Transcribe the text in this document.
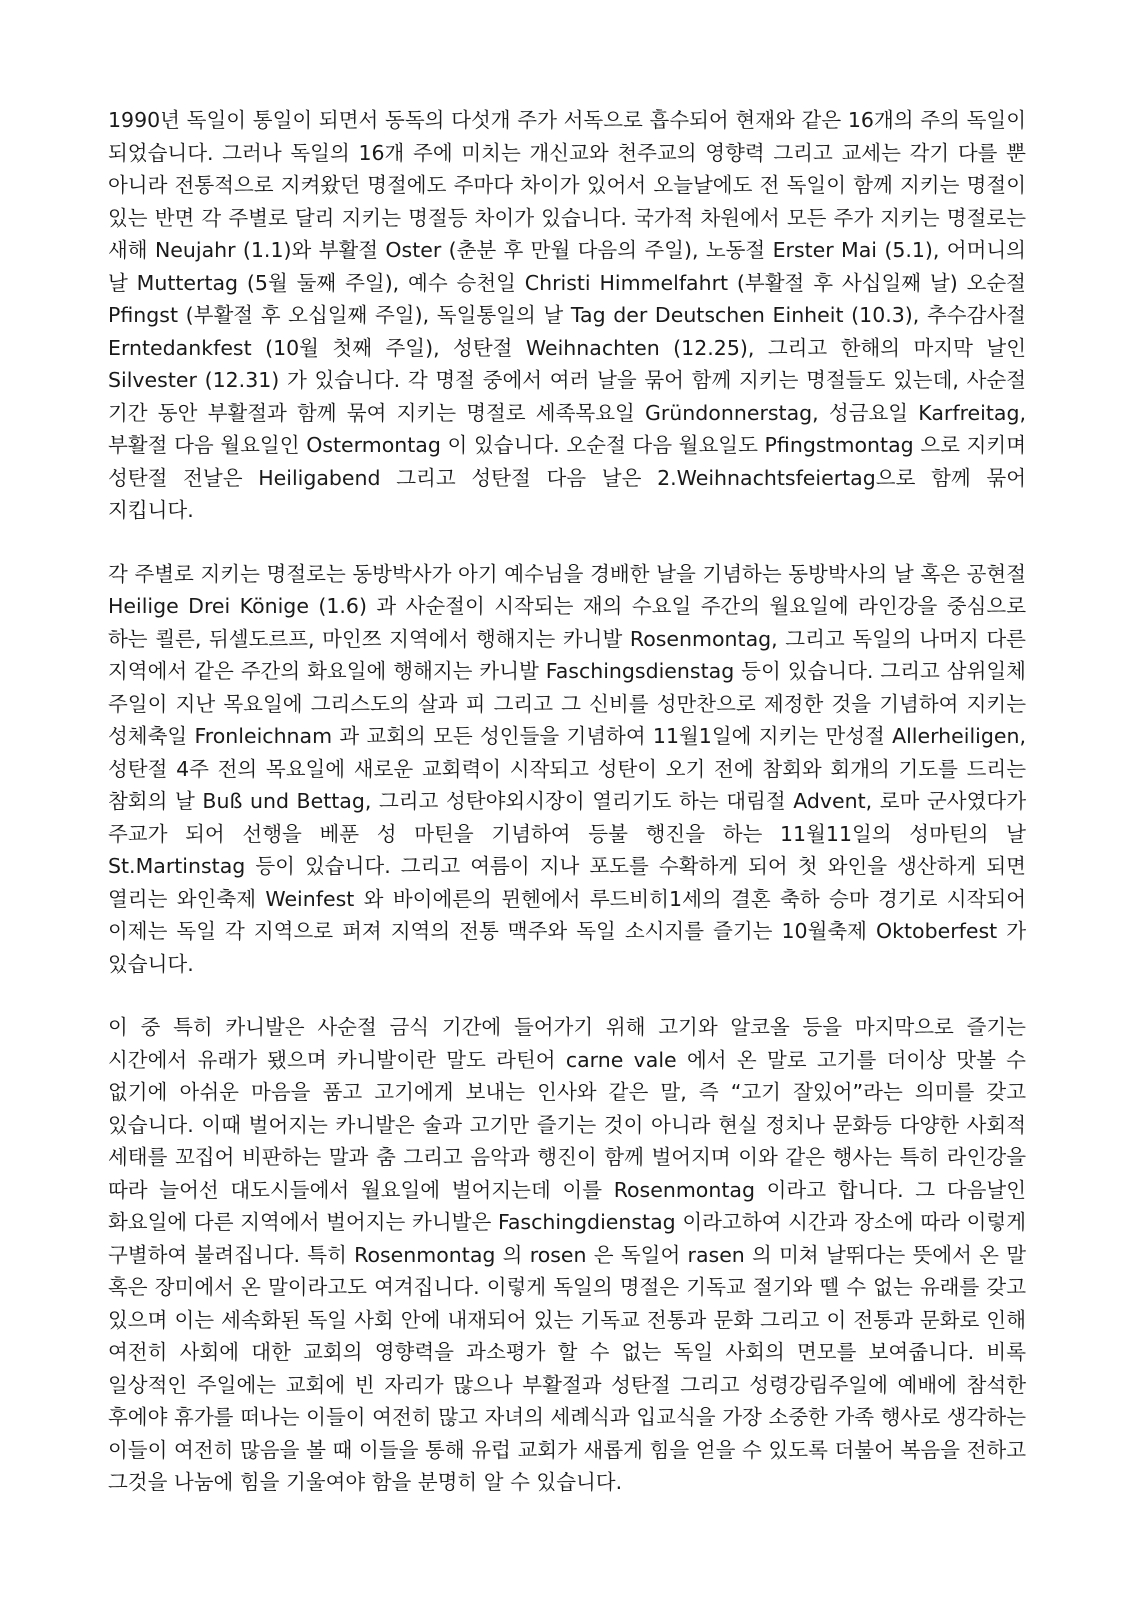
1990년 독일이 통일이 되면서 동독의 다섯개 주가 서독으로 흡수되어 현재와 같은 16개의 주의 독일이 되었습니다. 그러나 독일의 16개 주에 미치는 개신교와 천주교의 영향력 그리고 교세는 각기 다를 뿐 아니라 전통적으로 지켜왔던 명절에도 주마다 차이가 있어서 오늘날에도 전 독일이 함께 지키는 명절이 있는 반면 각 주별로 달리 지키는 명절등 차이가 있습니다. 국가적 차원에서 모든 주가 지키는 명절로는 새해 Neujahr (1.1)와 부활절 Oster (춘분 후 만월 다음의 주일), 노동절 Erster Mai (5.1), 어머니의 날 Muttertag (5월 둘째 주일), 예수 승천일 Christi Himmelfahrt (부활절 후 사십일째 날) 오순절 Pfingst (부활절 후 오십일째 주일), 독일통일의 날 Tag der Deutschen Einheit (10.3), 추수감사절 Erntedankfest (10월 첫째 주일), 성탄절 Weihnachten (12.25), 그리고 한해의 마지막 날인 Silvester (12.31) 가 있습니다. 각 명절 중에서 여러 날을 묶어 함께 지키는 명절들도 있는데, 사순절 기간 동안 부활절과 함께 묶여 지키는 명절로 세족목요일 Gründonnerstag, 성금요일 Karfreitag, 부활절 다음 월요일인 Ostermontag 이 있습니다. 오순절 다음 월요일도 Pfingstmontag 으로 지키며 성탄절 전날은 Heiligabend 그리고 성탄절 다음 날은 2.Weihnachtsfeiertag으로 함께 묶어 지킵니다.

각 주별로 지키는 명절로는 동방박사가 아기 예수님을 경배한 날을 기념하는 동방박사의 날 혹은 공현절 Heilige Drei Könige (1.6) 과 사순절이 시작되는 재의 수요일 주간의 월요일에 라인강을 중심으로 하는 쾰른, 뒤셀도르프, 마인쯔 지역에서 행해지는 카니발 Rosenmontag, 그리고 독일의 나머지 다른 지역에서 같은 주간의 화요일에 행해지는 카니발 Faschingsdienstag 등이 있습니다. 그리고 삼위일체 주일이 지난 목요일에 그리스도의 살과 피 그리고 그 신비를 성만찬으로 제정한 것을 기념하여 지키는 성체축일 Fronleichnam 과 교회의 모든 성인들을 기념하여 11월1일에 지키는 만성절 Allerheiligen, 성탄절 4주 전의 목요일에 새로운 교회력이 시작되고 성탄이 오기 전에 참회와 회개의 기도를 드리는 참회의 날 Buß und Bettag, 그리고 성탄야외시장이 열리기도 하는 대림절 Advent, 로마 군사였다가 주교가 되어 선행을 베푼 성 마틴을 기념하여 등불 행진을 하는 11월11일의 성마틴의 날 St.Martinstag 등이 있습니다. 그리고 여름이 지나 포도를 수확하게 되어 첫 와인을 생산하게 되면 열리는 와인축제 Weinfest 와 바이에른의 뮌헨에서 루드비히1세의 결혼 축하 승마 경기로 시작되어 이제는 독일 각 지역으로 퍼져 지역의 전통 맥주와 독일 소시지를 즐기는 10월축제 Oktoberfest 가 있습니다.

이 중 특히 카니발은 사순절 금식 기간에 들어가기 위해 고기와 알코올 등을 마지막으로 즐기는 시간에서 유래가 됐으며 카니발이란 말도 라틴어 carne vale 에서 온 말로 고기를 더이상 맛볼 수 없기에 아쉬운 마음을 품고 고기에게 보내는 인사와 같은 말, 즉 “고기 잘있어”라는 의미를 갖고 있습니다. 이때 벌어지는 카니발은 술과 고기만 즐기는 것이 아니라 현실 정치나 문화등 다양한 사회적 세태를 꼬집어 비판하는 말과 춤 그리고 음악과 행진이 함께 벌어지며 이와 같은 행사는 특히 라인강을 따라 늘어선 대도시들에서 월요일에 벌어지는데 이를 Rosenmontag 이라고 합니다. 그 다음날인 화요일에 다른 지역에서 벌어지는 카니발은 Faschingdienstag 이라고하여 시간과 장소에 따라 이렇게 구별하여 불려집니다. 특히 Rosenmontag 의 rosen 은 독일어 rasen 의 미쳐 날뛰다는 뜻에서 온 말 혹은 장미에서 온 말이라고도 여겨집니다. 이렇게 독일의 명절은 기독교 절기와 뗄 수 없는 유래를 갖고 있으며 이는 세속화된 독일 사회 안에 내재되어 있는 기독교 전통과 문화 그리고 이 전통과 문화로 인해 여전히 사회에 대한 교회의 영향력을 과소평가 할 수 없는 독일 사회의 면모를 보여줍니다. 비록 일상적인 주일에는 교회에 빈 자리가 많으나 부활절과 성탄절 그리고 성령강림주일에 예배에 참석한 후에야 휴가를 떠나는 이들이 여전히 많고 자녀의 세례식과 입교식을 가장 소중한 가족 행사로 생각하는 이들이 여전히 많음을 볼 때 이들을 통해 유럽 교회가 새롭게 힘을 얻을 수 있도록 더불어 복음을 전하고 그것을 나눔에 힘을 기울여야 함을 분명히 알 수 있습니다.
